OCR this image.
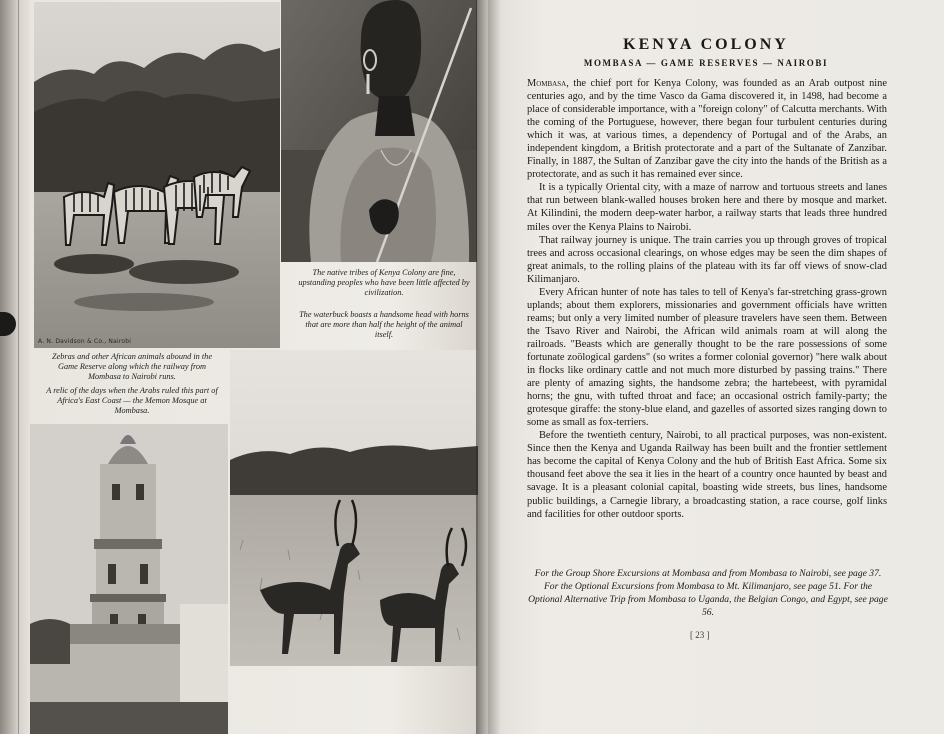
The native tribes of Kenya Colony are fine, upstanding peoples who have been little affected by civilization.
The waterbuck boasts a handsome head with horns that are more than half the height of the animal itself.
A. N. Davidson & Co., Nairobi
Zebras and other African animals abound in the Game Reserve along which the railway from Mombasa to Nairobi runs.
A relic of the days when the Arabs ruled this part of Africa's East Coast — the Memon Mosque at Mombasa.
KENYA COLONY
MOMBASA — GAME RESERVES — NAIROBI

Mombasa, the chief port for Kenya Colony, was founded as an Arab outpost nine centuries ago, and by the time Vasco da Gama discovered it, in 1498, had become a place of considerable importance, with a "foreign colony" of Calcutta merchants. With the coming of the Portuguese, however, there began four turbulent centuries during which it was, at various times, a dependency of Portugal and of the Arabs, an independent kingdom, a British protectorate and a part of the Sultanate of Zanzibar. Finally, in 1887, the Sultan of Zanzibar gave the city into the hands of the British as a protectorate, and as such it has remained ever since.

It is a typically Oriental city, with a maze of narrow and tortuous streets and lanes that run between blank-walled houses broken here and there by mosque and market. At Kilindini, the modern deep-water harbor, a railway starts that leads three hundred miles over the Kenya Plains to Nairobi.

That railway journey is unique. The train carries you up through groves of tropical trees and across occasional clearings, on whose edges may be seen the dim shapes of great animals, to the rolling plains of the plateau with its far off views of snow-clad Kilimanjaro.

Every African hunter of note has tales to tell of Kenya's far-stretching grass-grown uplands; about them explorers, missionaries and government officials have written reams; but only a very limited number of pleasure travelers have seen them. Between the Tsavo River and Nairobi, the African wild animals roam at will along the railroads. "Beasts which are generally thought to be the rare possessions of some fortunate zoölogical gardens" (so writes a former colonial governor) "here walk about in flocks like ordinary cattle and not much more disturbed by passing trains." There are plenty of amazing sights, the handsome zebra; the hartebeest, with pyramidal horns; the gnu, with tufted throat and face; an occasional ostrich family-party; the grotesque giraffe: the stony-blue eland, and gazelles of assorted sizes ranging down to some as small as fox-terriers.

Before the twentieth century, Nairobi, to all practical purposes, was non-existent. Since then the Kenya and Uganda Railway has been built and the frontier settlement has become the capital of Kenya Colony and the hub of British East Africa. Some six thousand feet above the sea it lies in the heart of a country once haunted by beast and savage. It is a pleasant colonial capital, boasting wide streets, bus lines, handsome public buildings, a Carnegie library, a broadcasting station, a race course, golf links and facilities for other outdoor sports.

For the Group Shore Excursions at Mombasa and from Mombasa to Nairobi, see page 37. For the Optional Excursions from Mombasa to Mt. Kilimanjaro, see page 51. For the Optional Alternative Trip from Mombasa to Uganda, the Belgian Congo, and Egypt, see page 56.

[ 23 ]
